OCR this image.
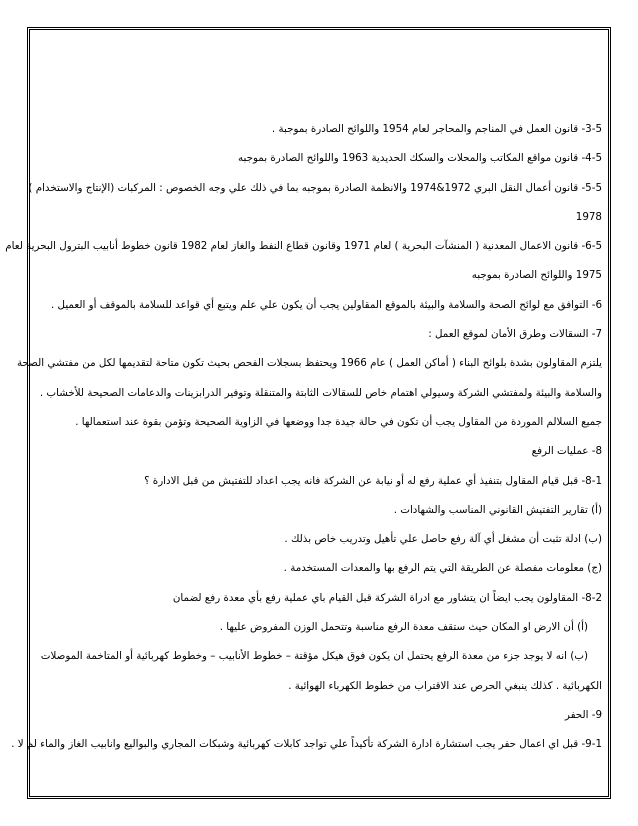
3-5- قانون العمل في المناجم والمحاجر لعام 1954 واللوائح الصادرة بموجبة .
4-5- قانون مواقع المكاتب والمحلات والسكك الحديدية 1963 واللوائح الصادرة بموجبه
5-5- قانون أعمال النقل البري 1972&1974 والانظمة الصادرة بموجبه بما في ذلك علي وجه الخصوص : المركبات (الإنتاج والاستخدام )
1978
6-5- قانون الاعمال المعدنية ( المنشآت البحرية ) لعام 1971 وقانون قطاع النفط والغاز لعام 1982 قانون خطوط أنابيب البترول البحرية لعام
1975 واللوائح الصادرة بموجبه
6- التوافق مع لوائح الصحة والسلامة والبيئة بالموقع المقاولين يجب أن يكون علي علم ويتبع أي قواعد للسلامة بالموقف أو العميل .
7- السقالات وطرق الأمان لموقع العمل :
يلتزم المقاولون بشدة بلوائح البناء ( أماكن العمل ) عام 1966 ويحتفظ بسجلات الفحص بحيث تكون متاحة لتقديمها لكل من مفتشي الصحة
والسلامة والبيئة ولمفتشي الشركة وسيولي اهتمام خاص للسقالات الثابتة والمتنقلة وتوفير الدرابزينات والدعامات الصحيحة للأخشاب .
جميع السلالم الموردة من المقاول يجب أن تكون في حالة جيدة جدا ووضعها في الزاوية الصحيحة وتؤمن بقوة عند استعمالها .
8- عمليات الرفع
8-1- قبل قيام المقاول بتنفيذ أي عملية رفع له أو نيابة عن الشركة فانه يجب اعداد للتفتيش من قبل الادارة ؟
(أ) تقارير التفتيش القانوني المناسب والشهادات .
(ب) ادلة تثبت أن مشغل أي آلة رفع حاصل علي تأهيل وتدريب خاص بذلك .
(ج) معلومات مفصلة عن الطريقة التي يتم الرفع بها والمعدات المستخدمة .
8-2- المقاولون يجب ايضاً ان يتشاور مع ادراة الشركة قبل القيام باي عملية رفع بأي معدة رفع لضمان
(أ) أن الارض او المكان حيث ستقف معدة الرفع مناسبة وتتحمل الوزن المفروض عليها .
(ب) انه لا يوجد جزء من معدة الرفع يحتمل ان يكون فوق هيكل مؤقتة – خطوط الأنابيب – وخطوط كهربائية أو المتاخمة الموصلات
الكهربائية . كذلك ينبغي الحرص عند الاقتراب من خطوط الكهرباء الهوائية .
9- الحفر
9-1- قبل اي اعمال حفر يجب استشارة ادارة الشركة تأكيداً علي تواجد كابلات كهربائية وشبكات المجاري والبواليع وانابيب الغاز والماء لم لا .
